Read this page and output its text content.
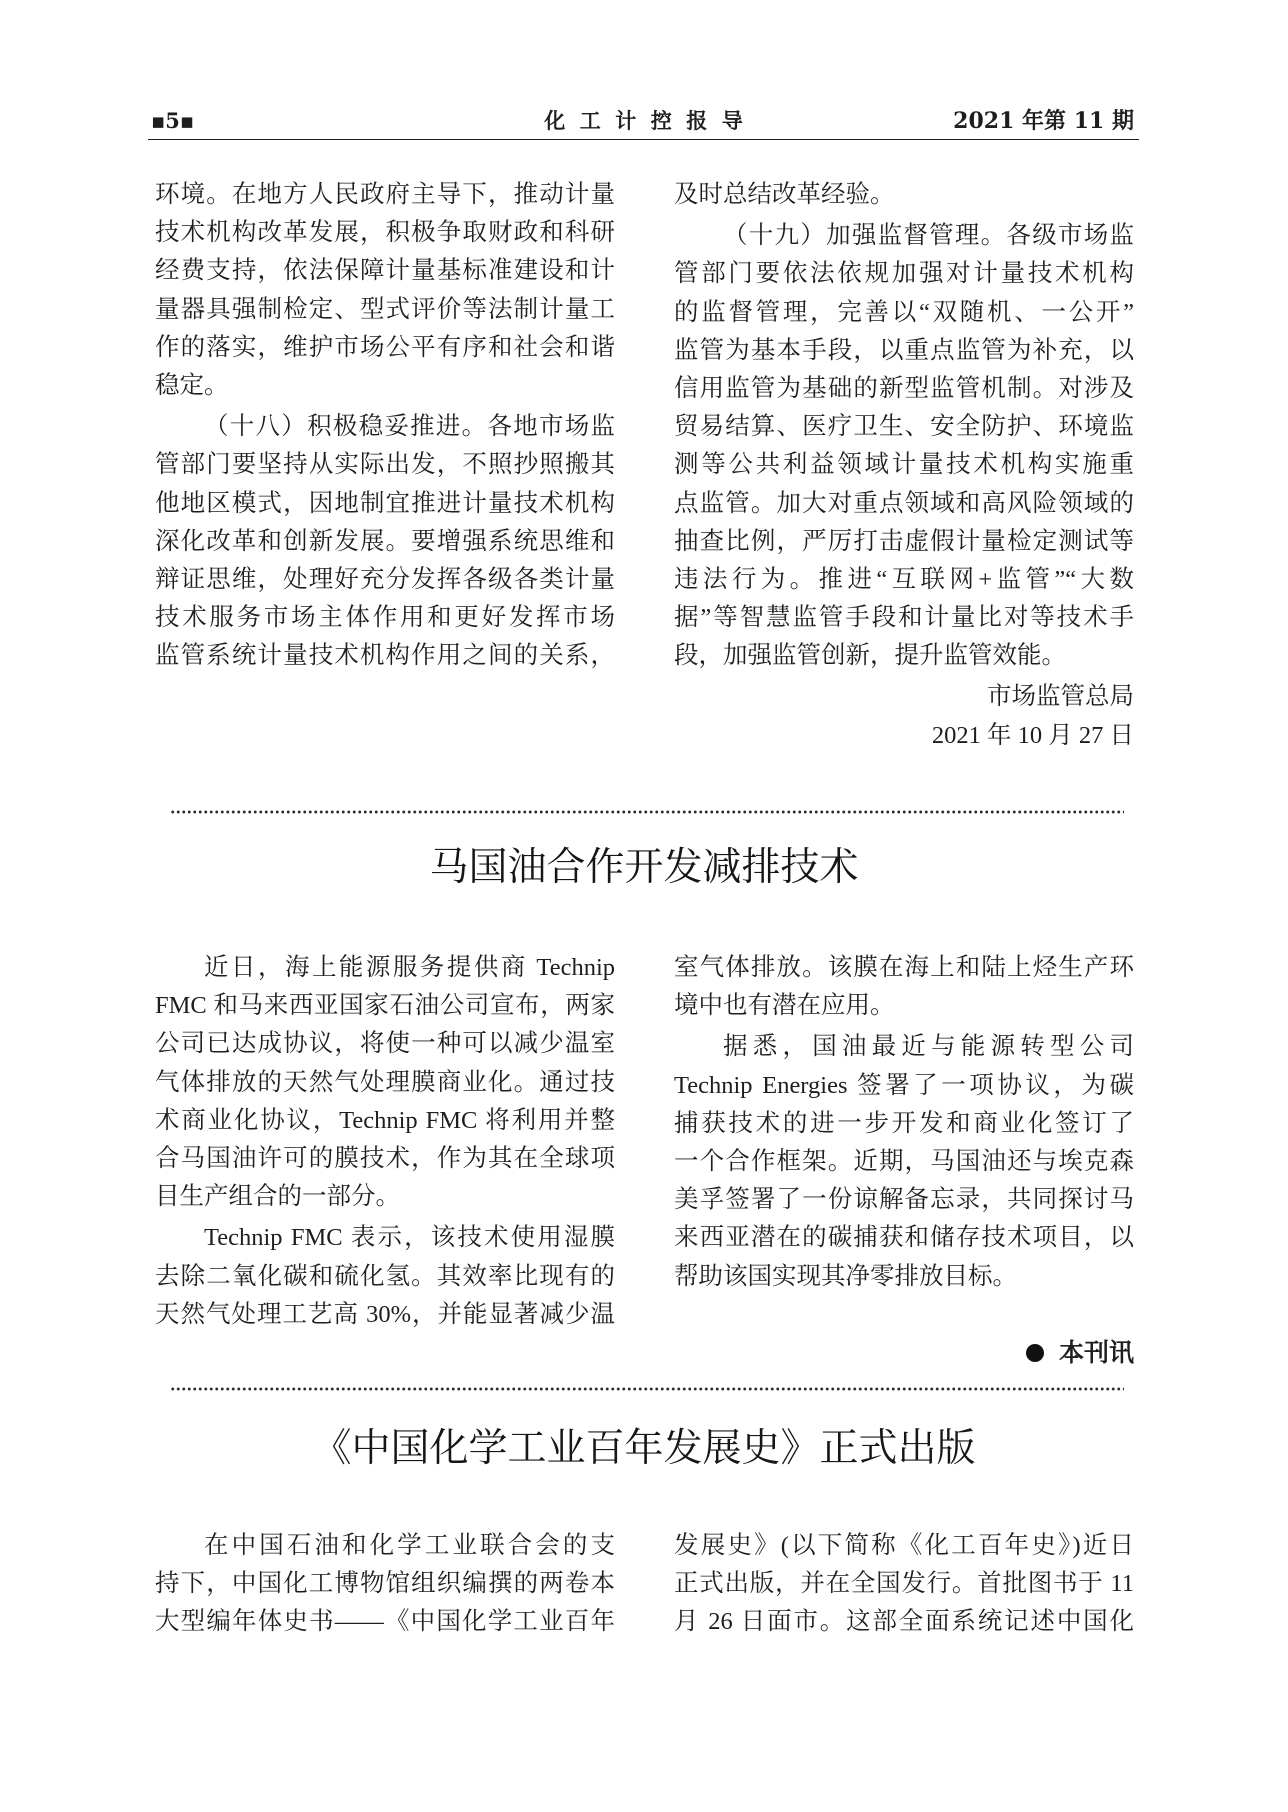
▪5▪	化工计控报导	2021 年第 11 期
环境。在地方人民政府主导下，推动计量
技术机构改革发展，积极争取财政和科研
经费支持，依法保障计量基标准建设和计
量器具强制检定、型式评价等法制计量工
作的落实，维护市场公平有序和社会和谐
稳定。
（十八）积极稳妥推进。各地市场监
管部门要坚持从实际出发，不照抄照搬其
他地区模式，因地制宜推进计量技术机构
深化改革和创新发展。要增强系统思维和
辩证思维，处理好充分发挥各级各类计量
技术服务市场主体作用和更好发挥市场
监管系统计量技术机构作用之间的关系，
及时总结改革经验。
（十九）加强监督管理。各级市场监
管部门要依法依规加强对计量技术机构
的监督管理，完善以“双随机、一公开”
监管为基本手段，以重点监管为补充，以
信用监管为基础的新型监管机制。对涉及
贸易结算、医疗卫生、安全防护、环境监
测等公共利益领域计量技术机构实施重
点监管。加大对重点领域和高风险领域的
抽查比例，严厉打击虚假计量检定测试等
违法行为。推进“互联网+监管”“大数
据”等智慧监管手段和计量比对等技术手
段，加强监管创新，提升监管效能。
市场监管总局
2021 年 10 月 27 日
马国油合作开发减排技术
近日，海上能源服务提供商 Technip
FMC 和马来西亚国家石油公司宣布，两家
公司已达成协议，将使一种可以减少温室
气体排放的天然气处理膜商业化。通过技
术商业化协议，Technip FMC 将利用并整
合马国油许可的膜技术，作为其在全球项
目生产组合的一部分。
Technip FMC 表示，该技术使用湿膜
去除二氧化碳和硫化氢。其效率比现有的
天然气处理工艺高 30%，并能显著减少温
室气体排放。该膜在海上和陆上烃生产环
境中也有潜在应用。
据悉，国油最近与能源转型公司
Technip Energies 签署了一项协议，为碳
捕获技术的进一步开发和商业化签订了
一个合作框架。近期，马国油还与埃克森
美孚签署了一份谅解备忘录，共同探讨马
来西亚潜在的碳捕获和储存技术项目，以
帮助该国实现其净零排放目标。
本刊讯
《中国化学工业百年发展史》正式出版
在中国石油和化学工业联合会的支
持下，中国化工博物馆组织编撰的两卷本
大型编年体史书——《中国化学工业百年
发展史》(以下简称《化工百年史》)近日
正式出版，并在全国发行。首批图书于 11
月 26 日面市。这部全面系统记述中国化
